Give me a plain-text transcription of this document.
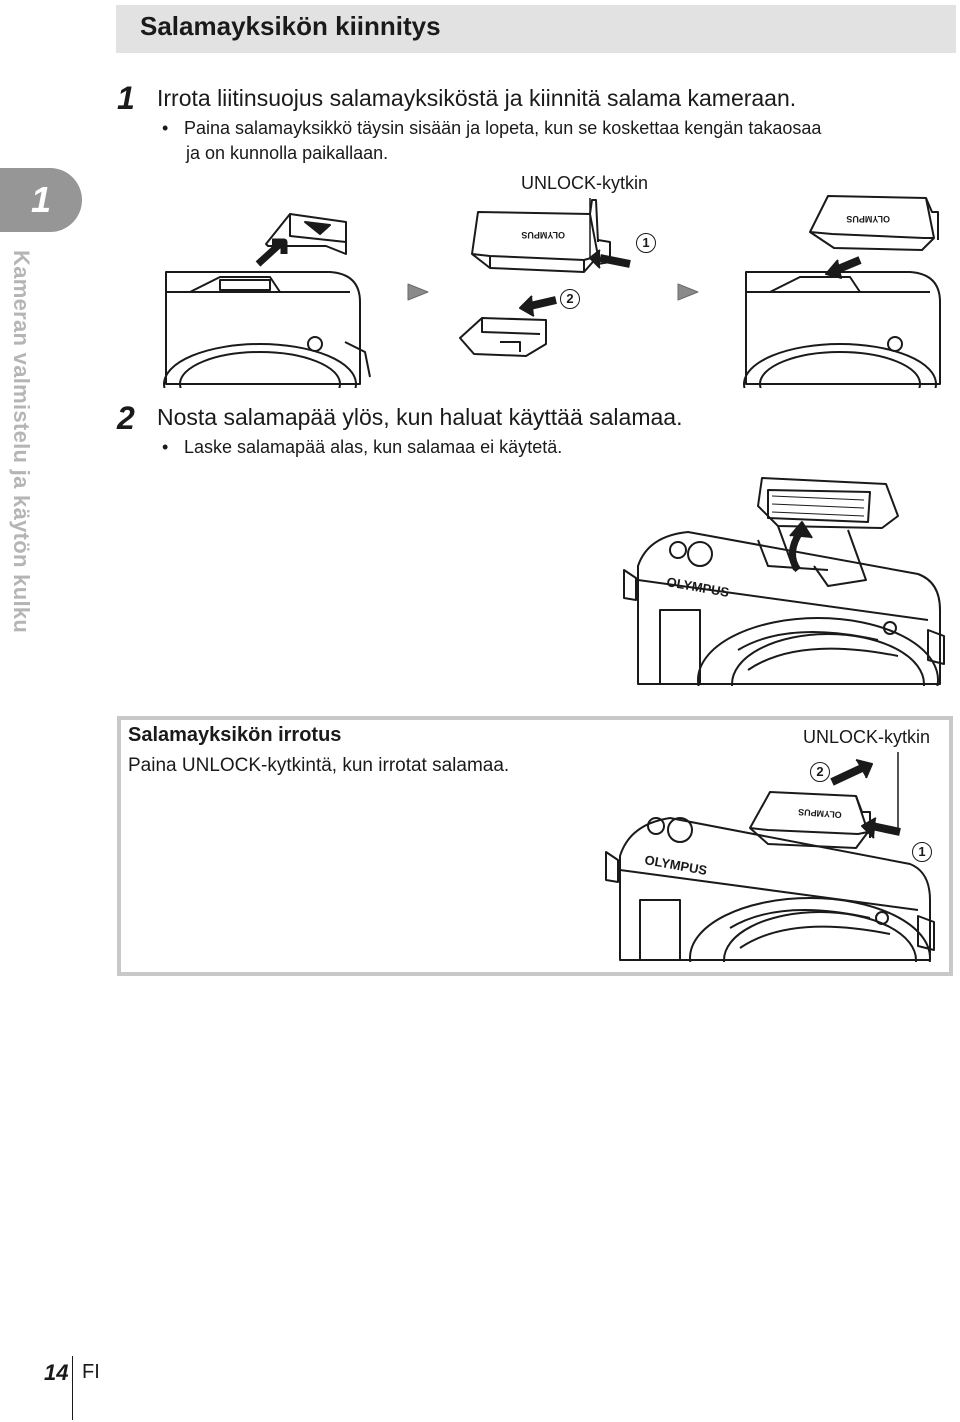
Salamayksikön kiinnitys
1
Kameran valmistelu ja käytön kulku
1 Irrota liitinsuojus salamayksiköstä ja kiinnitä salama kameraan.
• Paina salamayksikkö täysin sisään ja lopeta, kun se koskettaa kengän takaosaa
ja on kunnolla paikallaan.
UNLOCK-kytkin
OLYMPUS
OLYMPUS
1
2
2 Nosta salamapää ylös, kun haluat käyttää salamaa.
• Laske salamapää alas, kun salamaa ei käytetä.
OLYMPUS
Salamayksikön irrotus
Paina UNLOCK-kytkintä, kun irrotat salamaa.
UNLOCK-kytkin
OLYMPUS
OLYMPUS
2
1
14 FI
